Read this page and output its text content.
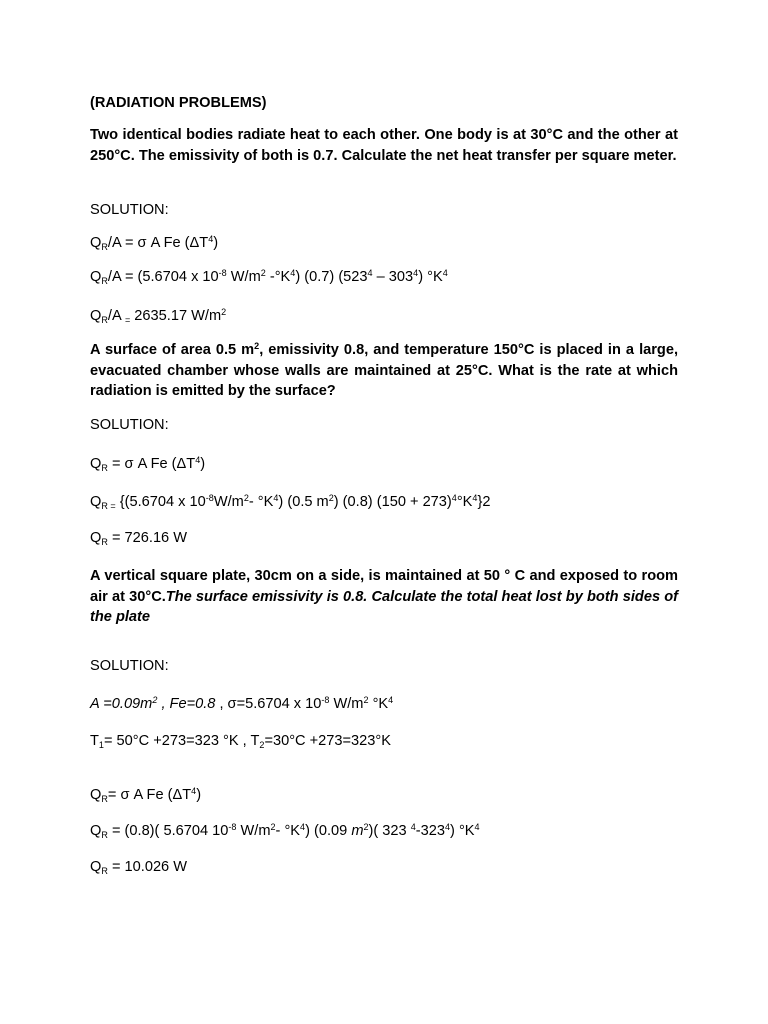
(RADIATION PROBLEMS)
Two identical bodies radiate heat to each other. One body is at 30°C and the other at 250°C. The emissivity of both is 0.7. Calculate the net heat transfer per square meter.
SOLUTION:
$Q_R/A = \sigma$ A Fe $(\Delta T^4)$
$Q_R/A = (5.6704$ x $10^{-8}$ $W/m^2$ $-^\circ K^4$) (0.7) $(523^4 - 303^4)$ $^\circ K^4$
$Q_R/A$ $_=$ 2635.17 $W/m^2$
A surface of area 0.5 $m^2$, emissivity 0.8, and temperature 150°C is placed in a large, evacuated chamber whose walls are maintained at 25°C. What is the rate at which radiation is emitted by the surface?
SOLUTION:
$Q_R = \sigma$ A Fe $(\Delta T^4)$
$Q_{R =}$ {(5.6704 x $10^{-8}W/m^2-$ $^\circ K^4$) (0.5 $m^2$) (0.8) $(150 + 273)^4^\circ K^4\}2$
$Q_R = 726.16$ W
A vertical square plate, 30cm on a side, is maintained at 50 ° C and exposed to room air at 30°C.The surface emissivity is 0.8. Calculate the total heat lost by both sides of the plate
SOLUTION:
$A =0.09m^2$ , Fe=0.8 , σ=5.6704 x $10^{-8}$ $W/m^2$ $^\circ K^4$
$T_1= 50^\circ C +273=323$ °K , $T_2=30^\circ C +273=323^\circ K$
$Q_R= \sigma$ A Fe $(\Delta T^4)$
$Q_R = (0.8)$( 5.6704 $10^{-8}$ $W/m^2-$ $^\circ K^4$) (0.09 $m^2$)( 323 $^4-323^4$) $^\circ K^4$
$Q_R = 10.026$ W
